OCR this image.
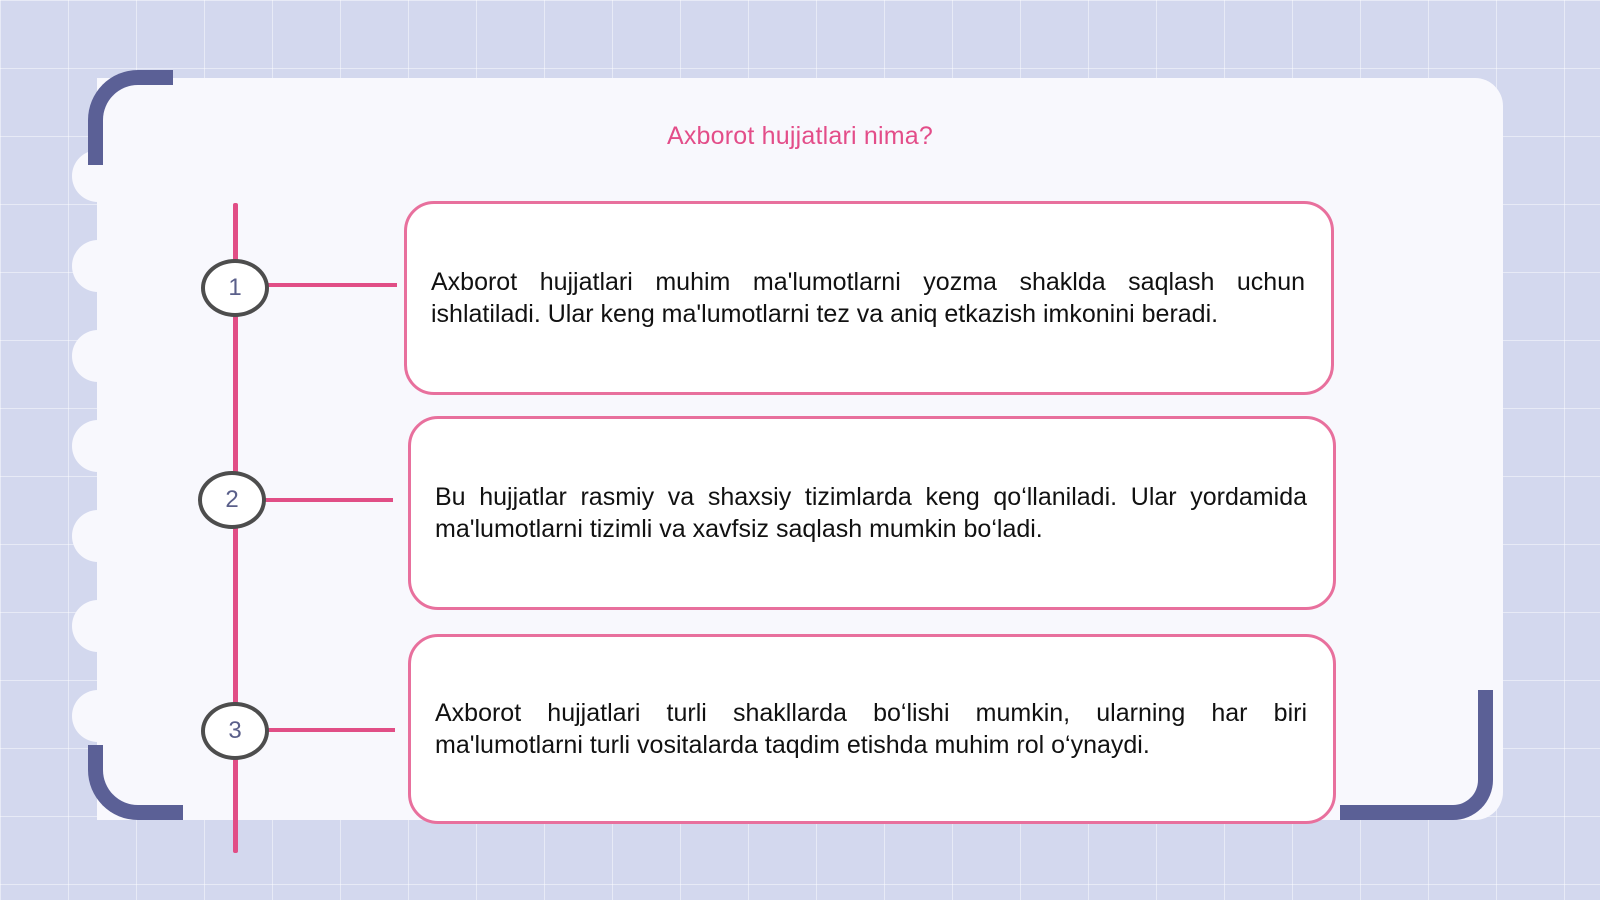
Axborot hujjatlari nima?
1
2
3
Axborot hujjatlari muhim ma'lumotlarni yozma shaklda saqlash uchun ishlatiladi. Ular keng ma'lumotlarni tez va aniq etkazish imkonini beradi.
Bu hujjatlar rasmiy va shaxsiy tizimlarda keng qo‘llaniladi. Ular yordamida ma'lumotlarni tizimli va xavfsiz saqlash mumkin bo‘ladi.
Axborot hujjatlari turli shakllarda bo‘lishi mumkin, ularning har biri ma'lumotlarni turli vositalarda taqdim etishda muhim rol o‘ynaydi.
